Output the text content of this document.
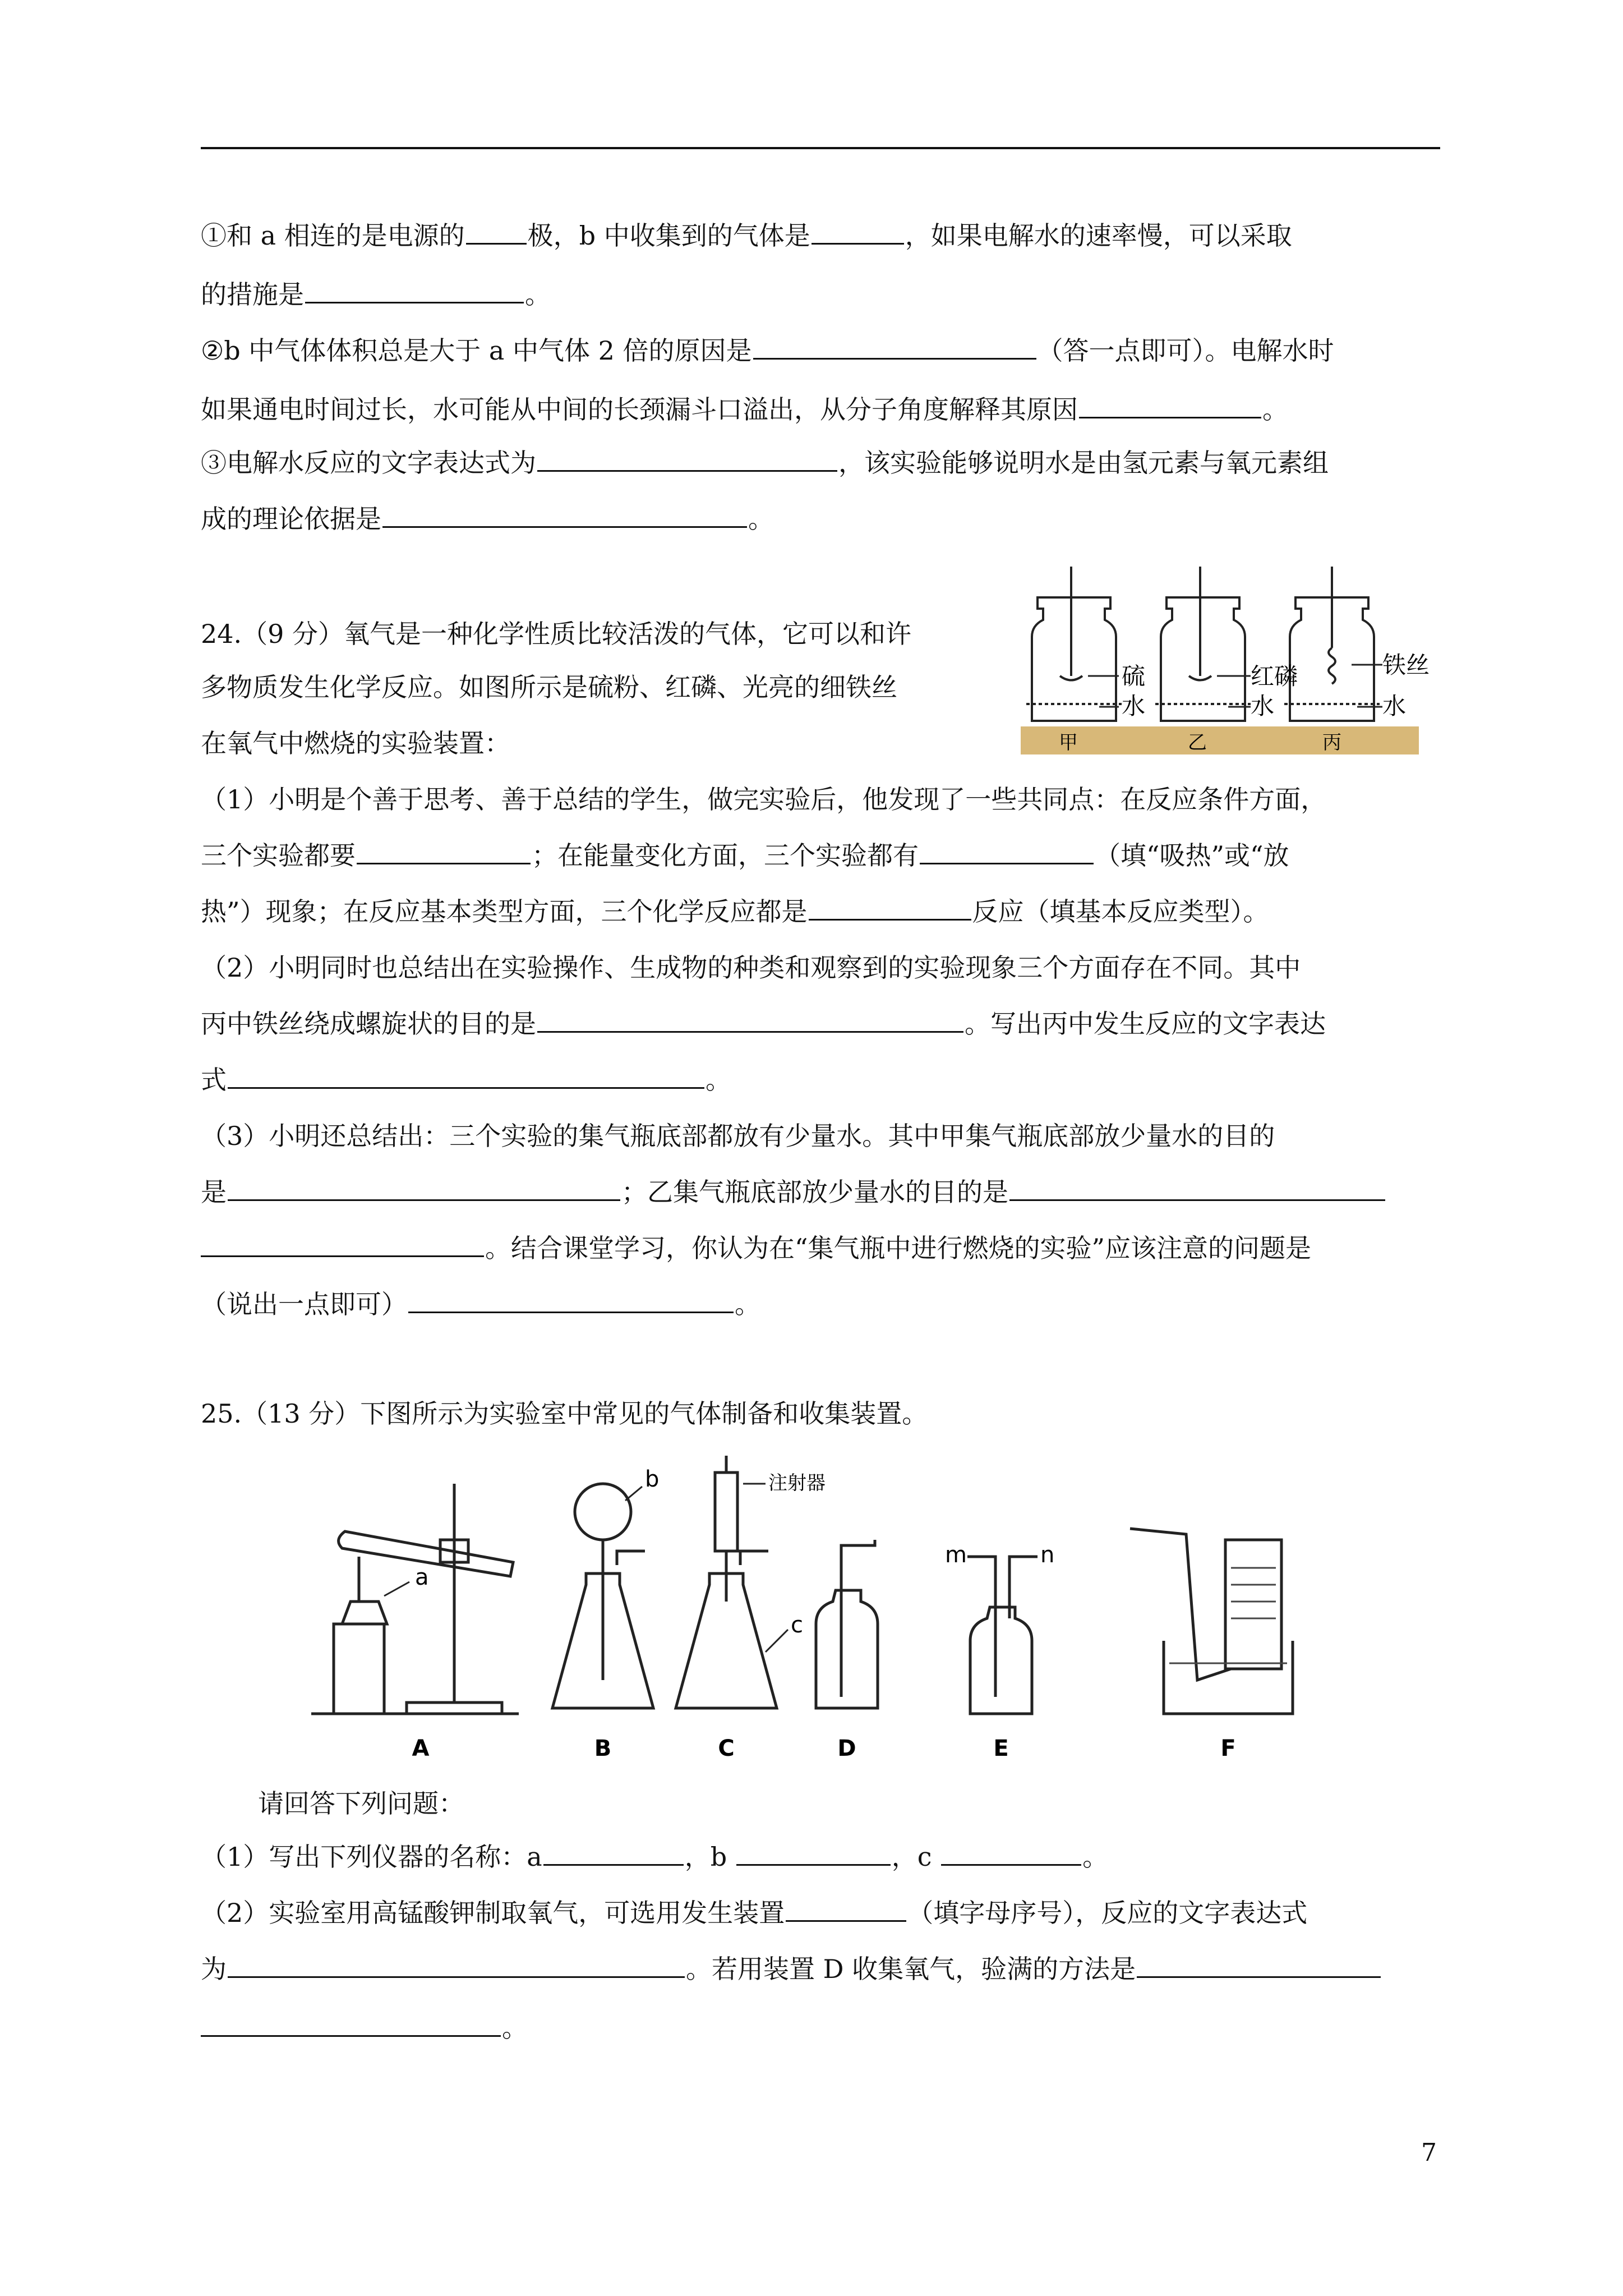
①和 a 相连的是电源的 极，b 中收集到的气体是	，如果电解水的速率慢，可以采取
的措施是	。
②b 中气体体积总是大于 a 中气体 2 倍的原因是	（答一点即可）。电解水时
如果通电时间过长，水可能从中间的长颈漏斗口溢出，从分子角度解释其原因	。
③电解水反应的文字表达式为	，该实验能够说明水是由氢元素与氧元素组
成的理论依据是	。
24.（9 分）氧气是一种化学性质比较活泼的气体，它可以和许
多物质发生化学反应。如图所示是硫粉、红磷、光亮的细铁丝
在氧气中燃烧的实验装置：
（1）小明是个善于思考、善于总结的学生，做完实验后，他发现了一些共同点：在反应条件方面，
三个实验都要	；在能量变化方面，三个实验都有	（填“吸热”或“放
热”）现象；在反应基本类型方面，三个化学反应都是	反应（填基本反应类型）。
（2）小明同时也总结出在实验操作、生成物的种类和观察到的实验现象三个方面存在不同。其中
丙中铁丝绕成螺旋状的目的是	。写出丙中发生反应的文字表达
式	。
（3）小明还总结出：三个实验的集气瓶底部都放有少量水。其中甲集气瓶底部放少量水的目的
是	；乙集气瓶底部放少量水的目的是
。结合课堂学习，你认为在“集气瓶中进行燃烧的实验”应该注意的问题是
（说出一点即可）	。
硫
水
红磷
水
铁丝
水
甲	乙	丙
25.（13 分）下图所示为实验室中常见的气体制备和收集装置。
a
b
c
注射器
m	n
A	B	C	D	E	F
请回答下列问题：
（1）写出下列仪器的名称：a	，b	，c	。
（2）实验室用高锰酸钾制取氧气，可选用发生装置	（填字母序号），反应的文字表达式
为	。若用装置 D 收集氧气，验满的方法是
。
7
